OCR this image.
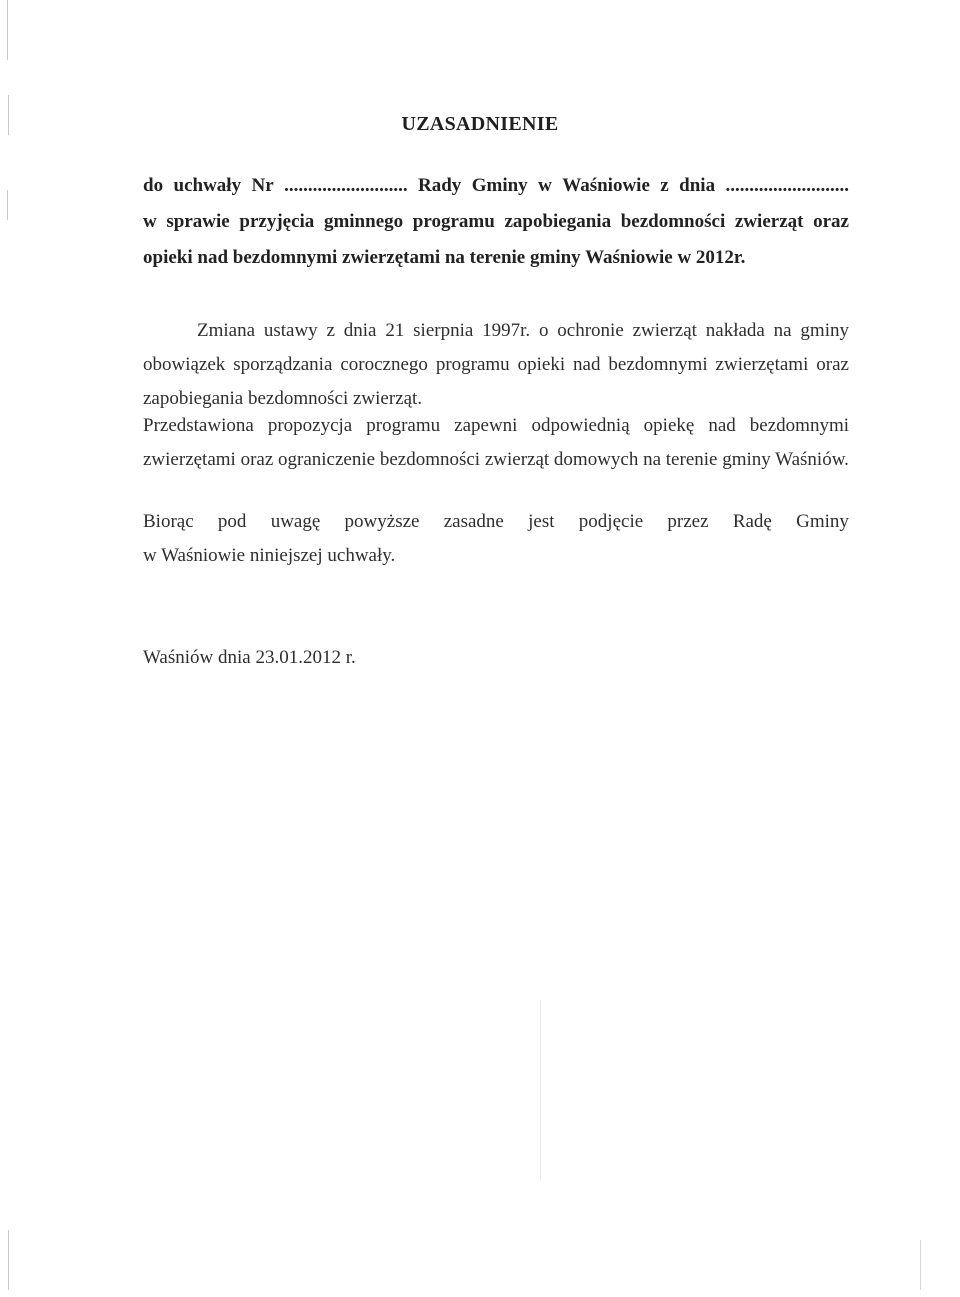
UZASADNIENIE
do uchwały Nr .......................... Rady Gminy w Waśniowie z dnia ..........................
w sprawie przyjęcia gminnego programu zapobiegania bezdomności zwierząt oraz
opieki nad bezdomnymi zwierzętami na terenie gminy Waśniowie w 2012r.
Zmiana ustawy z dnia 21 sierpnia 1997r. o ochronie zwierząt nakłada na gminy obowiązek sporządzania corocznego programu opieki nad bezdomnymi zwierzętami oraz zapobiegania bezdomności zwierząt.
Przedstawiona propozycja programu zapewni odpowiednią opiekę nad bezdomnymi zwierzętami oraz ograniczenie bezdomności zwierząt domowych na terenie gminy Waśniów.
Biorąc pod uwagę powyższe zasadne jest podjęcie przez Radę Gminy
w Waśniowie niniejszej uchwały.
Waśniów dnia 23.01.2012 r.
